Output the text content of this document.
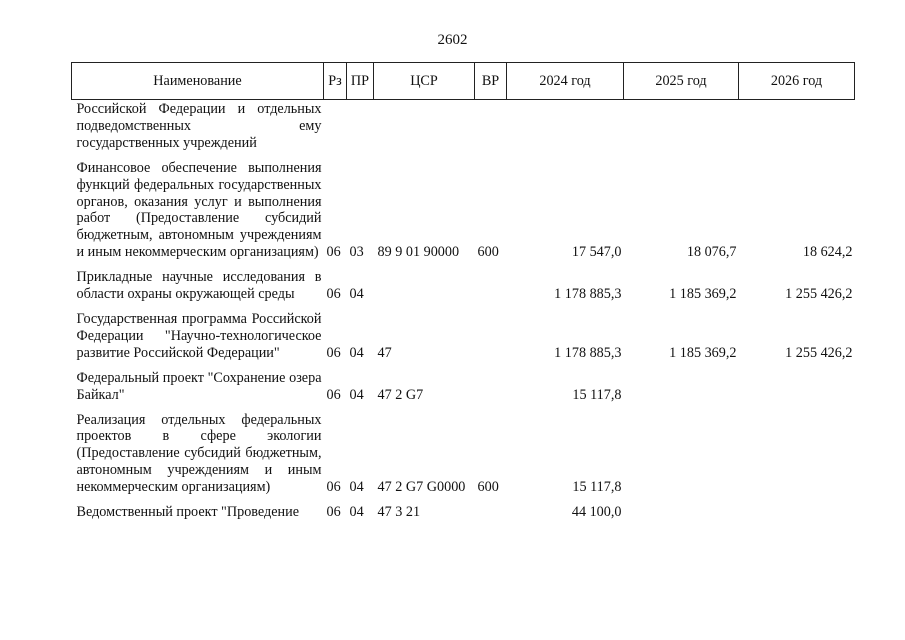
2602
Наименование	Рз	ПР	ЦСР	ВР	2024 год	2025 год	2026 год
Российской Федерации и отдельных подведомственных ему государственных учреждений							
Финансовое обеспечение выполнения функций федеральных государственных органов, оказания услуг и выполнения работ (Предоставление субсидий бюджетным, автономным учреждениям и иным некоммерческим организациям)	06	03	89 9 01 90000	600	17 547,0	18 076,7	18 624,2
Прикладные научные исследования в области охраны окружающей среды	06	04			1 178 885,3	1 185 369,2	1 255 426,2
Государственная программа Российской Федерации "Научно-технологическое развитие Российской Федерации"	06	04	47		1 178 885,3	1 185 369,2	1 255 426,2
Федеральный проект "Сохранение озера Байкал"	06	04	47 2 G7		15 117,8		
Реализация отдельных федеральных проектов в сфере экологии (Предоставление субсидий бюджетным, автономным учреждениям и иным некоммерческим организациям)	06	04	47 2 G7 G0000	600	15 117,8		
Ведомственный проект "Проведение	06	04	47 3 21		44 100,0		
